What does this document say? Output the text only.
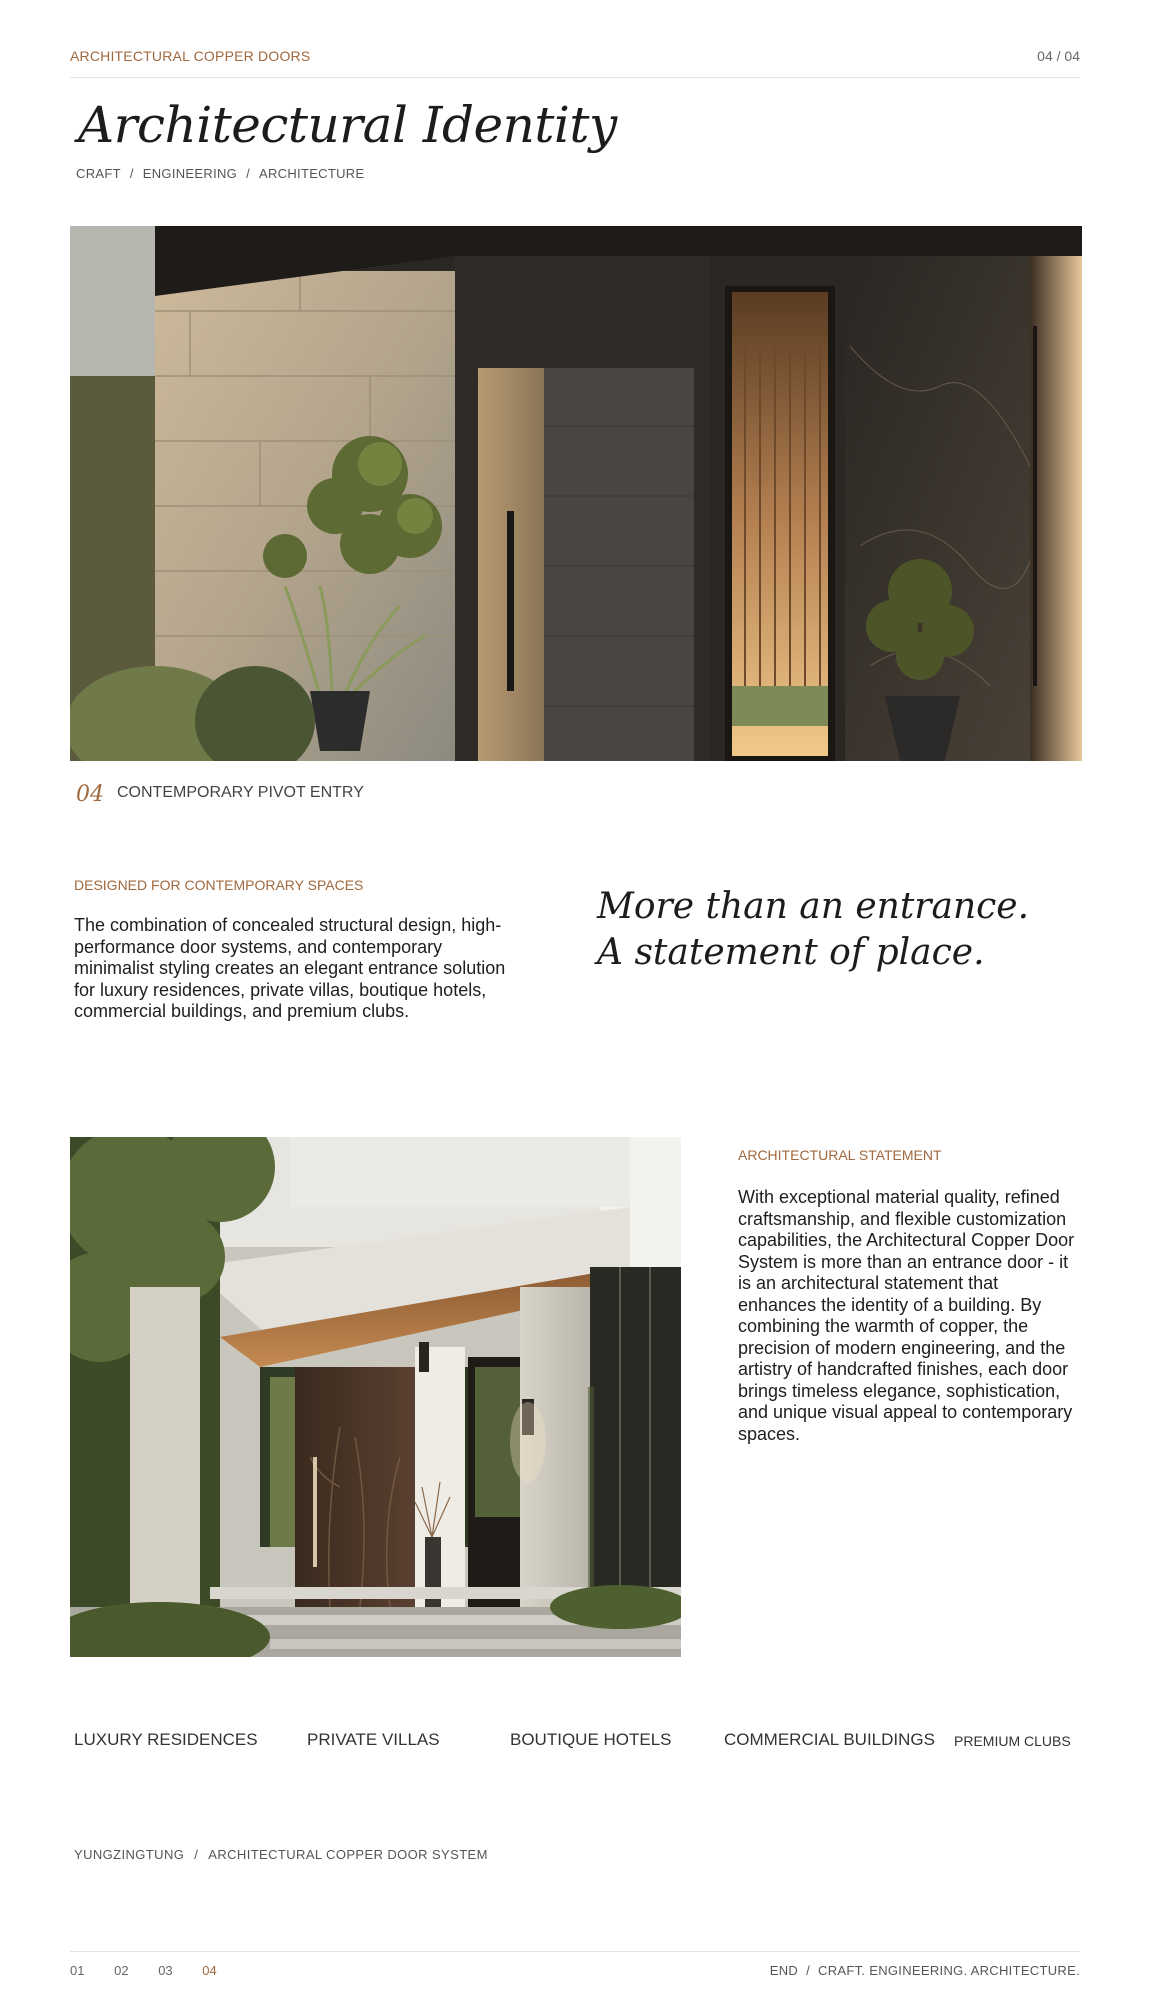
ARCHITECTURAL COPPER DOORS	04 / 04
Architectural Identity
CRAFT / ENGINEERING / ARCHITECTURE
04 CONTEMPORARY PIVOT ENTRY
DESIGNED FOR CONTEMPORARY SPACES
The combination of concealed structural design, high-performance door systems, and contemporary minimalist styling creates an elegant entrance solution for luxury residences, private villas, boutique hotels, commercial buildings, and premium clubs.
More than an entrance.
A statement of place.
ARCHITECTURAL STATEMENT
With exceptional material quality, refined craftsmanship, and flexible customization capabilities, the Architectural Copper Door System is more than an entrance door - it is an architectural statement that enhances the identity of a building. By combining the warmth of copper, the precision of modern engineering, and the artistry of handcrafted finishes, each door brings timeless elegance, sophistication, and unique visual appeal to contemporary spaces.
LUXURY RESIDENCES	PRIVATE VILLAS	BOUTIQUE HOTELS	COMMERCIAL BUILDINGS PREMIUM CLUBS
YUNGZINGTUNG / ARCHITECTURAL COPPER DOOR SYSTEM
01 02 03 04	END / CRAFT. ENGINEERING. ARCHITECTURE.
